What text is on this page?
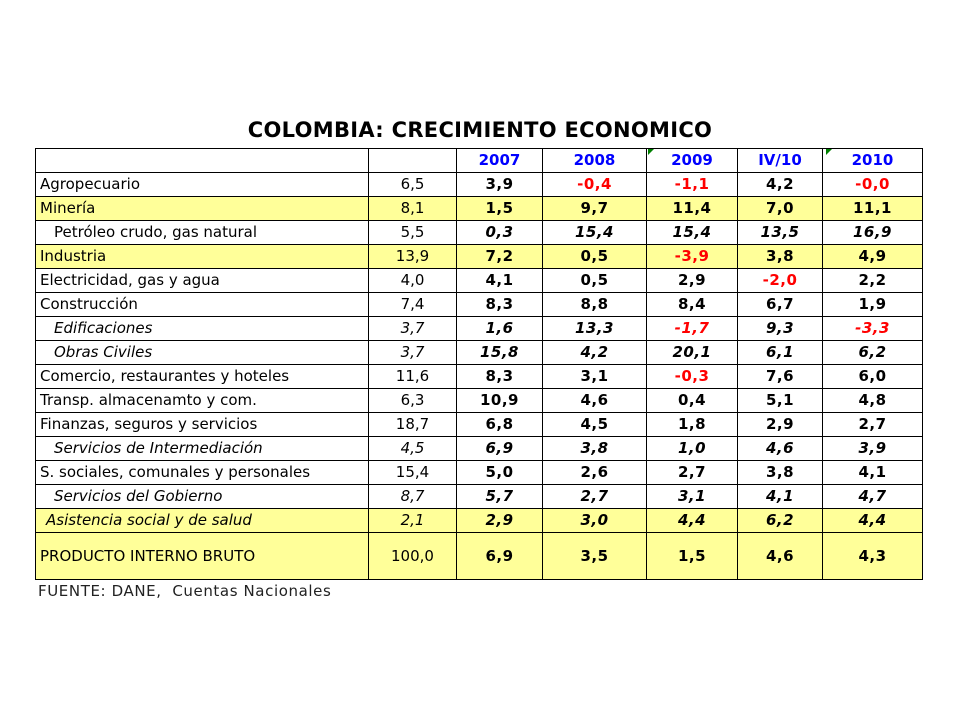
COLOMBIA: CRECIMIENTO ECONOMICO
		2007	2008	2009	IV/10	2010
Agropecuario	6,5	3,9	-0,4	-1,1	4,2	-0,0
Minería	8,1	1,5	9,7	11,4	7,0	11,1
Petróleo crudo, gas natural	5,5	0,3	15,4	15,4	13,5	16,9
Industria	13,9	7,2	0,5	-3,9	3,8	4,9
Electricidad, gas y agua	4,0	4,1	0,5	2,9	-2,0	2,2
Construcción	7,4	8,3	8,8	8,4	6,7	1,9
Edificaciones	3,7	1,6	13,3	-1,7	9,3	-3,3
Obras Civiles	3,7	15,8	4,2	20,1	6,1	6,2
Comercio, restaurantes y hoteles	11,6	8,3	3,1	-0,3	7,6	6,0
Transp. almacenamto y com.	6,3	10,9	4,6	0,4	5,1	4,8
Finanzas, seguros y servicios	18,7	6,8	4,5	1,8	2,9	2,7
Servicios de Intermediación	4,5	6,9	3,8	1,0	4,6	3,9
S. sociales, comunales y personales	15,4	5,0	2,6	2,7	3,8	4,1
Servicios del Gobierno	8,7	5,7	2,7	3,1	4,1	4,7
Asistencia social y de salud	2,1	2,9	3,0	4,4	6,2	4,4
PRODUCTO INTERNO BRUTO	100,0	6,9	3,5	1,5	4,6	4,3
FUENTE: DANE,  Cuentas Nacionales
